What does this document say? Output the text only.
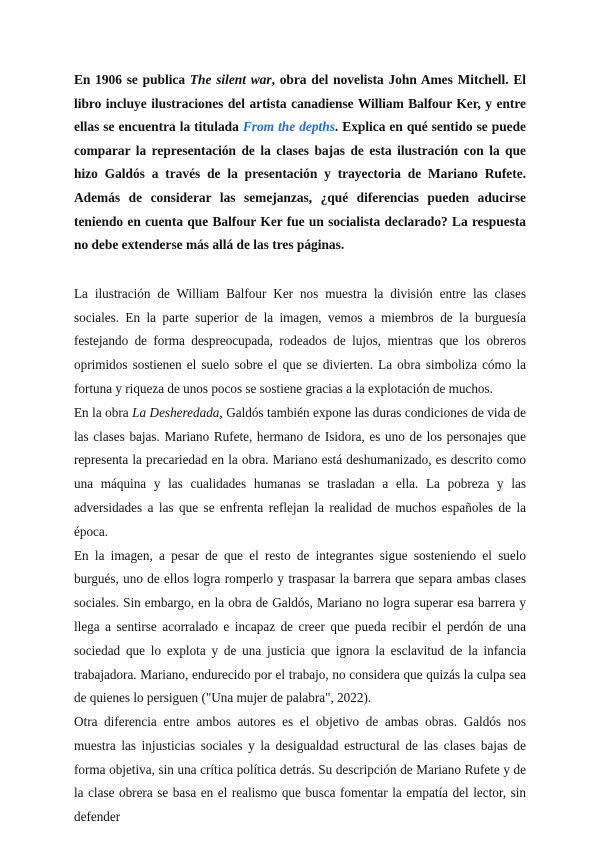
En 1906 se publica The silent war, obra del novelista John Ames Mitchell. El libro incluye ilustraciones del artista canadiense William Balfour Ker, y entre ellas se encuentra la titulada From the depths. Explica en qué sentido se puede comparar la representación de la clases bajas de esta ilustración con la que hizo Galdós a través de la presentación y trayectoria de Mariano Rufete. Además de considerar las semejanzas, ¿qué diferencias pueden aducirse teniendo en cuenta que Balfour Ker fue un socialista declarado? La respuesta no debe extenderse más allá de las tres páginas.

La ilustración de William Balfour Ker nos muestra la división entre las clases sociales. En la parte superior de la imagen, vemos a miembros de la burguesía festejando de forma despreocupada, rodeados de lujos, mientras que los obreros oprimidos sostienen el suelo sobre el que se divierten. La obra simboliza cómo la fortuna y riqueza de unos pocos se sostiene gracias a la explotación de muchos.

En la obra La Desheredada, Galdós también expone las duras condiciones de vida de las clases bajas. Mariano Rufete, hermano de Isidora, es uno de los personajes que representa la precariedad en la obra. Mariano está deshumanizado, es descrito como una máquina y las cualidades humanas se trasladan a ella. La pobreza y las adversidades a las que se enfrenta reflejan la realidad de muchos españoles de la época.

En la imagen, a pesar de que el resto de integrantes sigue sosteniendo el suelo burgués, uno de ellos logra romperlo y traspasar la barrera que separa ambas clases sociales. Sin embargo, en la obra de Galdós, Mariano no logra superar esa barrera y llega a sentirse acorralado e incapaz de creer que pueda recibir el perdón de una sociedad que lo explota y de una justicia que ignora la esclavitud de la infancia trabajadora. Mariano, endurecido por el trabajo, no considera que quizás la culpa sea de quienes lo persiguen ("Una mujer de palabra", 2022).

Otra diferencia entre ambos autores es el objetivo de ambas obras. Galdós nos muestra las injusticias sociales y la desigualdad estructural de las clases bajas de forma objetiva, sin una crítica política detrás. Su descripción de Mariano Rufete y de la clase obrera se basa en el realismo que busca fomentar la empatía del lector, sin defender
